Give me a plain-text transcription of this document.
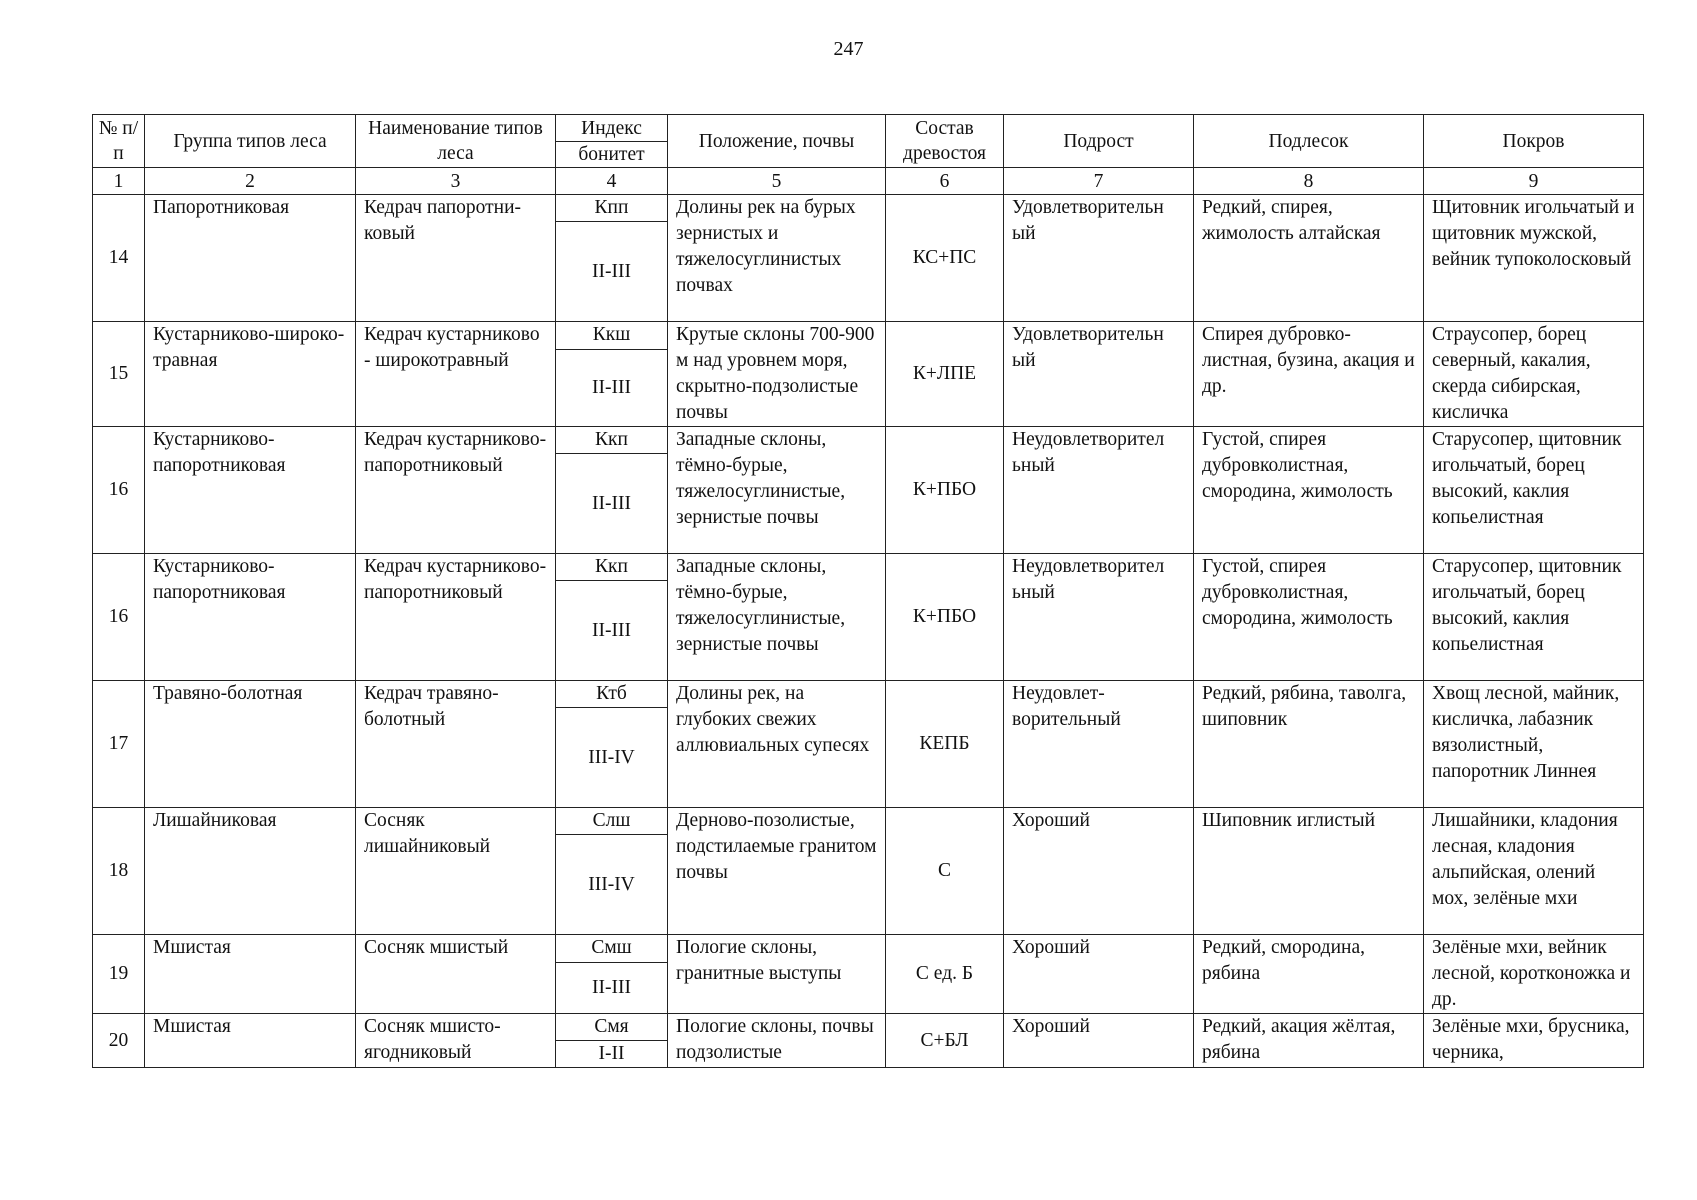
247
№ п/п	Группа типов леса	Наименование типов леса	Индекс	Положение, почвы	Состав древостоя	Подрост	Подлесок	Покров
			бонитет					
1	2	3	4	5	6	7	8	9
14	Папоротниковая	Кедрач папоротни-ковый	Кпп	Долины рек на бурых зернистых и тяжелосуглинистых почвах	КС+ПС	Удовлетворительн ый	Редкий, спирея, жимолость алтайская	Щитовник игольчатый и щитовник мужской, вейник тупоколосковый
			II-III					
15	Кустарниково-широко-травная	Кедрач кустарниково - широкотравный	Ккш	Крутые склоны 700-900 м над уровнем моря, скрытно-подзолистые почвы	К+ЛПЕ	Удовлетворительн ый	Спирея дубровко-листная, бузина, акация и др.	Страусопер, борец северный, какалия, скерда сибирская, кисличка
			II-III					
16	Кустарниково-папоротниковая	Кедрач кустарниково-папоротниковый	Ккп	Западные склоны, тёмно-бурые, тяжелосуглинистые, зернистые почвы	К+ПБО	Неудовлетворител ьный	Густой, спирея дубровколистная, смородина, жимолость	Старусопер, щитовник игольчатый, борец высокий, каклия копьелистная
			II-III					
16	Кустарниково-папоротниковая	Кедрач кустарниково-папоротниковый	Ккп	Западные склоны, тёмно-бурые, тяжелосуглинистые, зернистые почвы	К+ПБО	Неудовлетворител ьный	Густой, спирея дубровколистная, смородина, жимолость	Старусопер, щитовник игольчатый, борец высокий, каклия копьелистная
			II-III					
17	Травяно-болотная	Кедрач травяно-болотный	Ктб	Долины рек, на глубоких свежих аллювиальных супесях	КЕПБ	Неудовлет-ворительный	Редкий, рябина, таволга, шиповник	Хвощ лесной, майник, кисличка, лабазник вязолистный, папоротник Линнея
			III-IV					
18	Лишайниковая	Сосняк лишайниковый	Слш	Дерново-позолистые, подстилаемые гранитом почвы	С	Хороший	Шиповник иглистый	Лишайники, кладония лесная, кладония альпийская, олений мох, зелёные мхи
			III-IV					
19	Мшистая	Сосняк мшистый	Смш	Пологие склоны, гранитные выступы	С ед. Б	Хороший	Редкий, смородина, рябина	Зелёные мхи, вейник лесной, коротконожка и др.
			II-III					
20	Мшистая	Сосняк мшисто-ягодниковый	Смя	Пологие склоны, почвы подзолистые	С+БЛ	Хороший	Редкий, акация жёлтая, рябина	Зелёные мхи, брусника, черника,
			I-II					
